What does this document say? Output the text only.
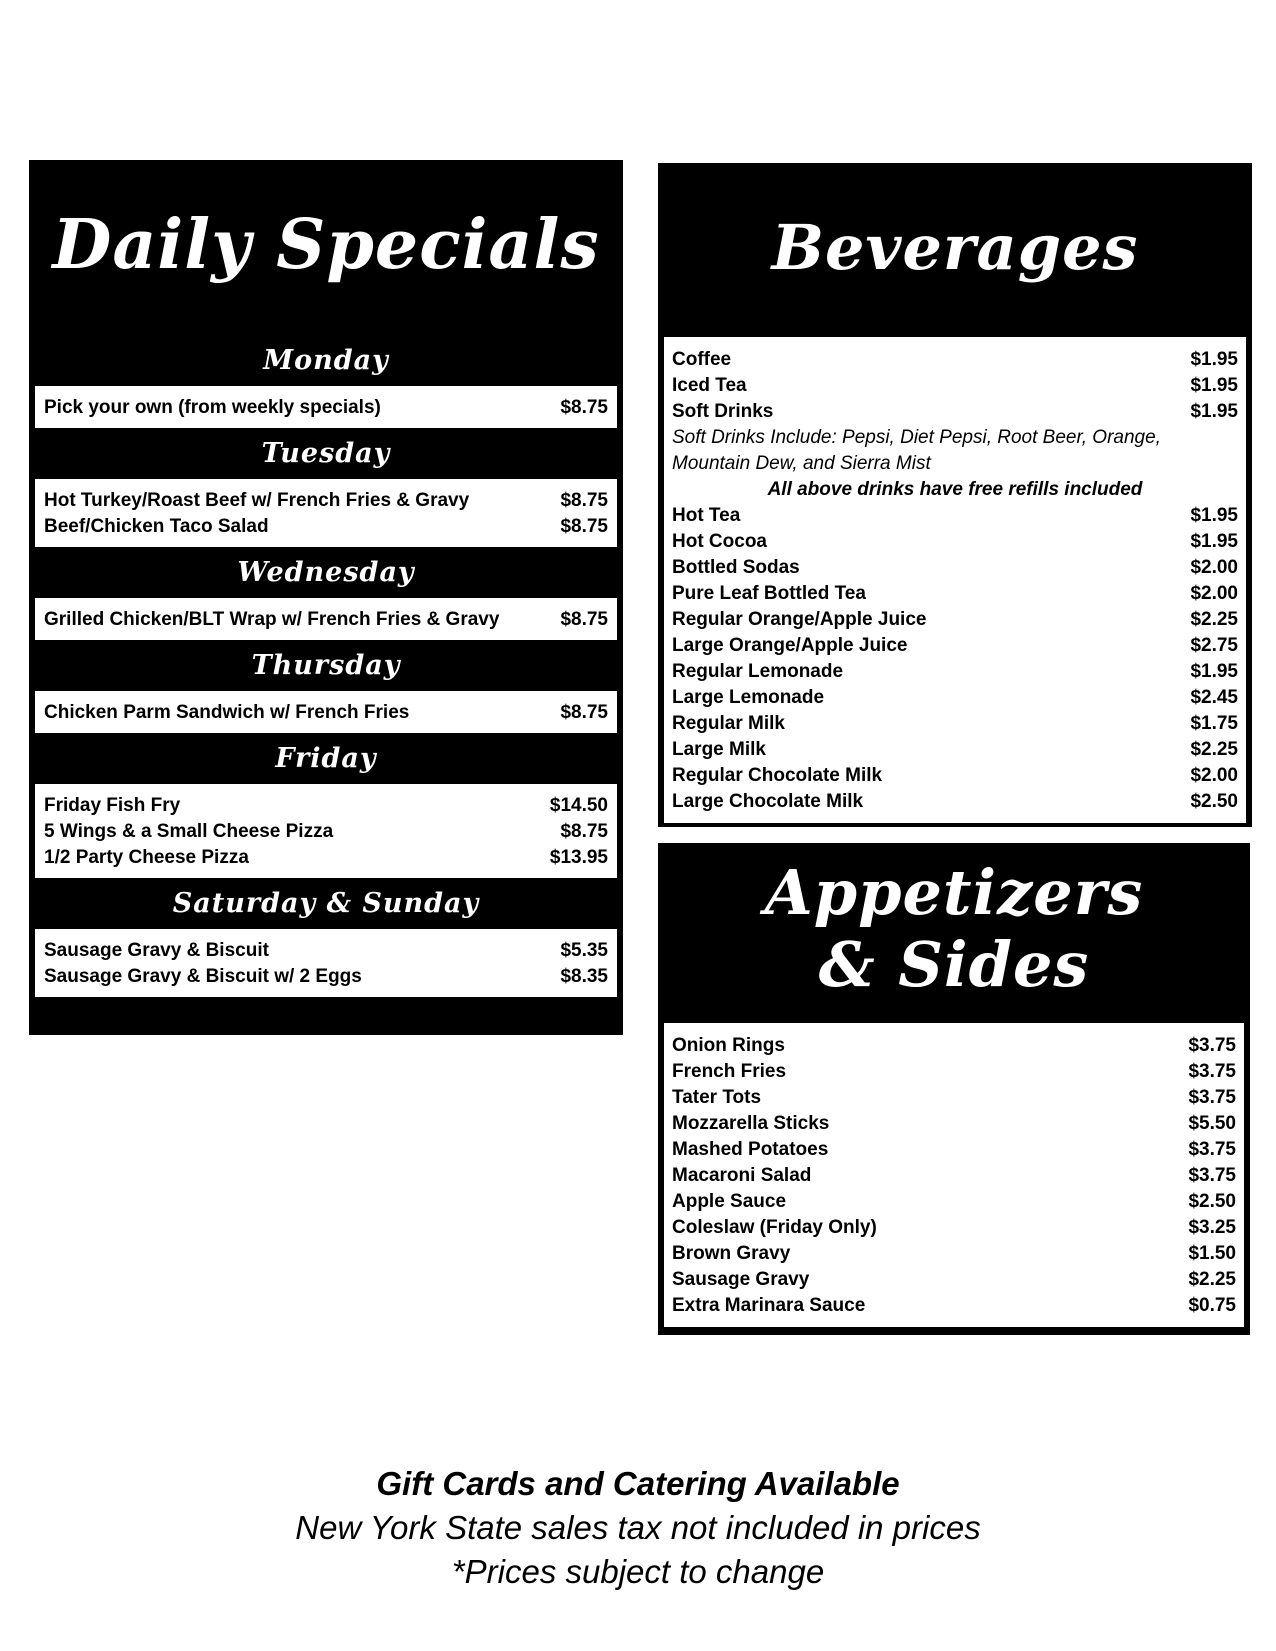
Daily Specials
Monday
Pick your own (from weekly specials)	$8.75
Tuesday
Hot Turkey/Roast Beef w/ French Fries & Gravy	$8.75
Beef/Chicken Taco Salad	$8.75
Wednesday
Grilled Chicken/BLT Wrap w/ French Fries & Gravy	$8.75
Thursday
Chicken Parm Sandwich w/ French Fries	$8.75
Friday
Friday Fish Fry	$14.50
5 Wings & a Small Cheese Pizza	$8.75
1/2 Party Cheese Pizza	$13.95
Saturday & Sunday
Sausage Gravy & Biscuit	$5.35
Sausage Gravy & Biscuit w/ 2 Eggs	$8.35
Beverages
Coffee	$1.95
Iced Tea	$1.95
Soft Drinks	$1.95
Soft Drinks Include: Pepsi, Diet Pepsi, Root Beer, Orange,
Mountain Dew, and Sierra Mist
All above drinks have free refills included
Hot Tea	$1.95
Hot Cocoa	$1.95
Bottled Sodas	$2.00
Pure Leaf Bottled Tea	$2.00
Regular Orange/Apple Juice	$2.25
Large Orange/Apple Juice	$2.75
Regular Lemonade	$1.95
Large Lemonade	$2.45
Regular Milk	$1.75
Large Milk	$2.25
Regular Chocolate Milk	$2.00
Large Chocolate Milk	$2.50
Appetizers
& Sides
Onion Rings	$3.75
French Fries	$3.75
Tater Tots	$3.75
Mozzarella Sticks	$5.50
Mashed Potatoes	$3.75
Macaroni Salad	$3.75
Apple Sauce	$2.50
Coleslaw (Friday Only)	$3.25
Brown Gravy	$1.50
Sausage Gravy	$2.25
Extra Marinara Sauce	$0.75
Gift Cards and Catering Available
New York State sales tax not included in prices
*Prices subject to change
